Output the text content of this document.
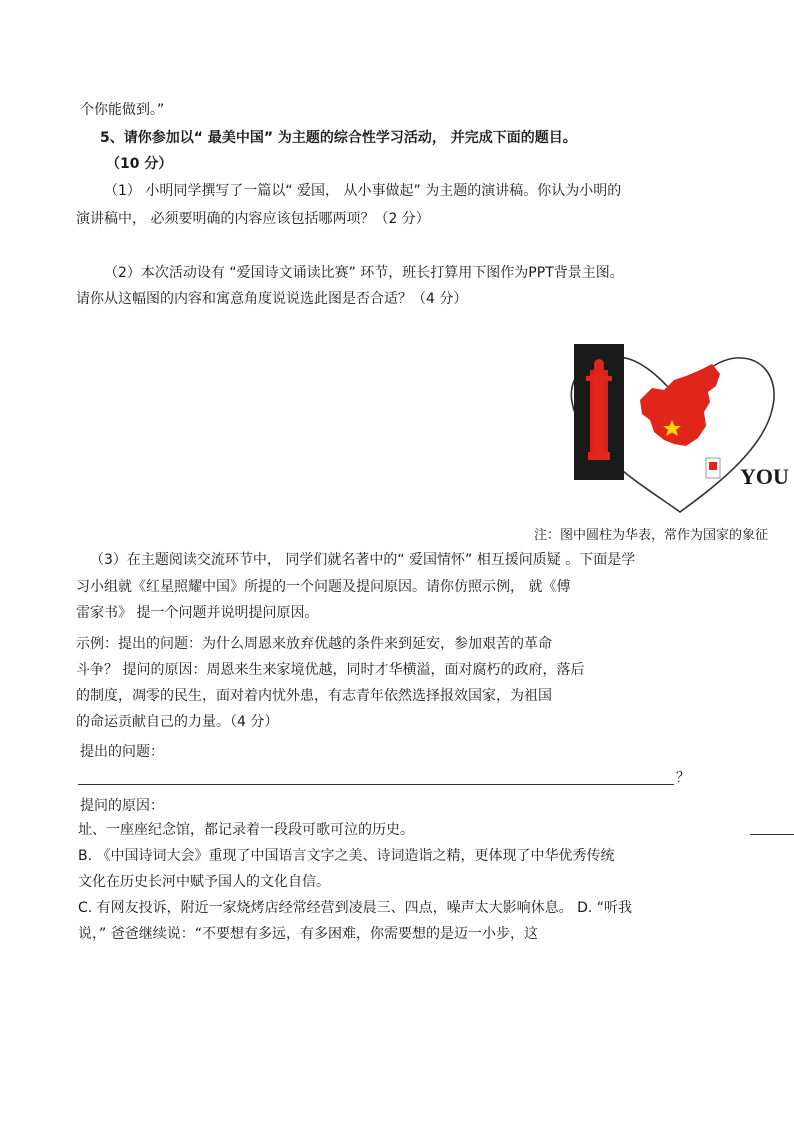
个你能做到。”
5、请你参加以“ 最美中国” 为主题的综合性学习活动， 并完成下面的题目。
（10 分）
（1） 小明同学撰写了一篇以“ 爱国， 从小事做起” 为主题的演讲稿。你认为小明的
演讲稿中， 必须要明确的内容应该包括哪两项？（2 分）
（2）本次活动设有 “爱国诗文诵读比赛” 环节，班长打算用下图作为PPT背景主图。
请你从这幅图的内容和寓意角度说说选此图是否合适？（4 分）
YOU
注：图中圆柱为华表，常作为国家的象征
（3）在主题阅读交流环节中， 同学们就名著中的“ 爱国情怀” 相互援问质疑 。下面是学
习小组就《红星照耀中国》所提的一个问题及提问原因。请你仿照示例， 就《傅
雷家书》 提一个问题并说明提问原因。
示例：提出的问题：为什么周恩来放弃优越的条件来到延安，参加艰苦的革命
斗争？ 提问的原因：周恩来生来家境优越，同时才华横溢，面对腐朽的政府，落后
的制度，凋零的民生，面对着内忧外患，有志青年依然选择报效国家，为祖国
的命运贡献自己的力量。（4 分）
提出的问题：
？
提问的原因：
址、一座座纪念馆，都记录着一段段可歌可泣的历史。
B. 《中国诗词大会》重现了中国语言文字之美、诗词造诣之精，更体现了中华优秀传统
文化在历史长河中赋予国人的文化自信。
C. 有网友投诉，附近一家烧烤店经常经营到凌晨三、四点，噪声太大影响休息。 D. “听我
说，” 爸爸继续说：“不要想有多远，有多困难，你需要想的是迈一小步，这
